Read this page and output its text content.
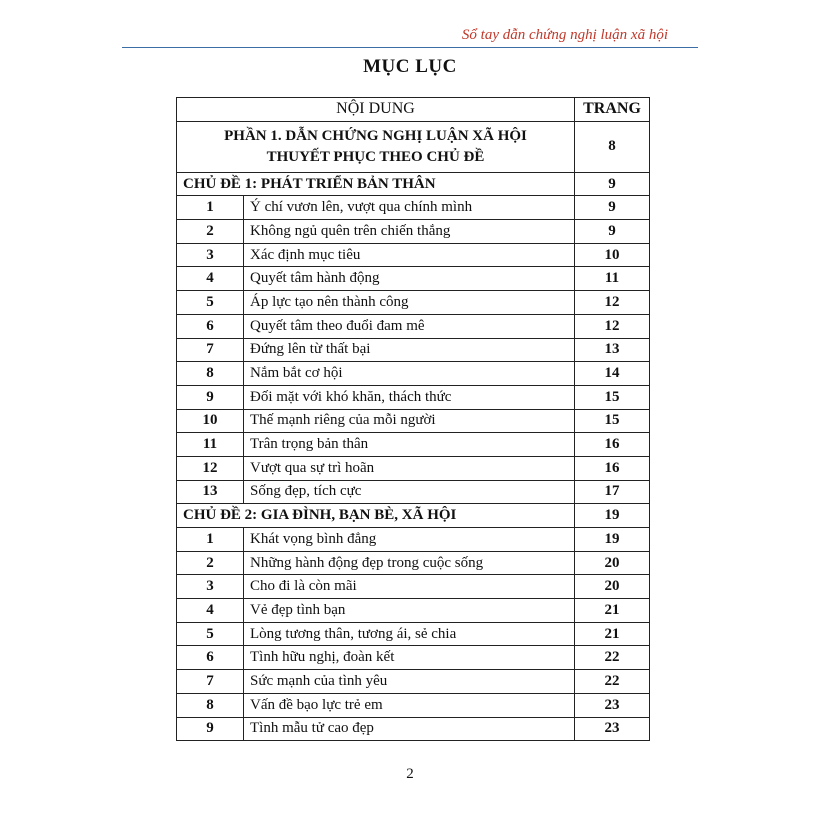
Sổ tay dẫn chứng nghị luận xã hội
MỤC LỤC
NỘI DUNG		TRANG

PHẦN 1. DẪN CHỨNG NGHỊ LUẬN XÃ HỘI
THUYẾT PHỤC THEO CHỦ ĐỀ		8
CHỦ ĐỀ 1: PHÁT TRIỂN BẢN THÂN		9
1	Ý chí vươn lên, vượt qua chính mình	9
2	Không ngủ quên trên chiến thắng	9
3	Xác định mục tiêu	10
4	Quyết tâm hành động	11
5	Áp lực tạo nên thành công	12
6	Quyết tâm theo đuổi đam mê	12
7	Đứng lên từ thất bại	13
8	Nắm bắt cơ hội	14
9	Đối mặt với khó khăn, thách thức	15
10	Thế mạnh riêng của mỗi người	15
11	Trân trọng bản thân	16
12	Vượt qua sự trì hoãn	16
13	Sống đẹp, tích cực	17
CHỦ ĐỀ 2: GIA ĐÌNH, BẠN BÈ, XÃ HỘI		19
1	Khát vọng bình đẳng	19
2	Những hành động đẹp trong cuộc sống	20
3	Cho đi là còn mãi	20
4	Vẻ đẹp tình bạn	21
5	Lòng tương thân, tương ái, sẻ chia	21
6	Tình hữu nghị, đoàn kết	22
7	Sức mạnh của tình yêu	22
8	Vấn đề bạo lực trẻ em	23
9	Tình mẫu tử cao đẹp	23
2
